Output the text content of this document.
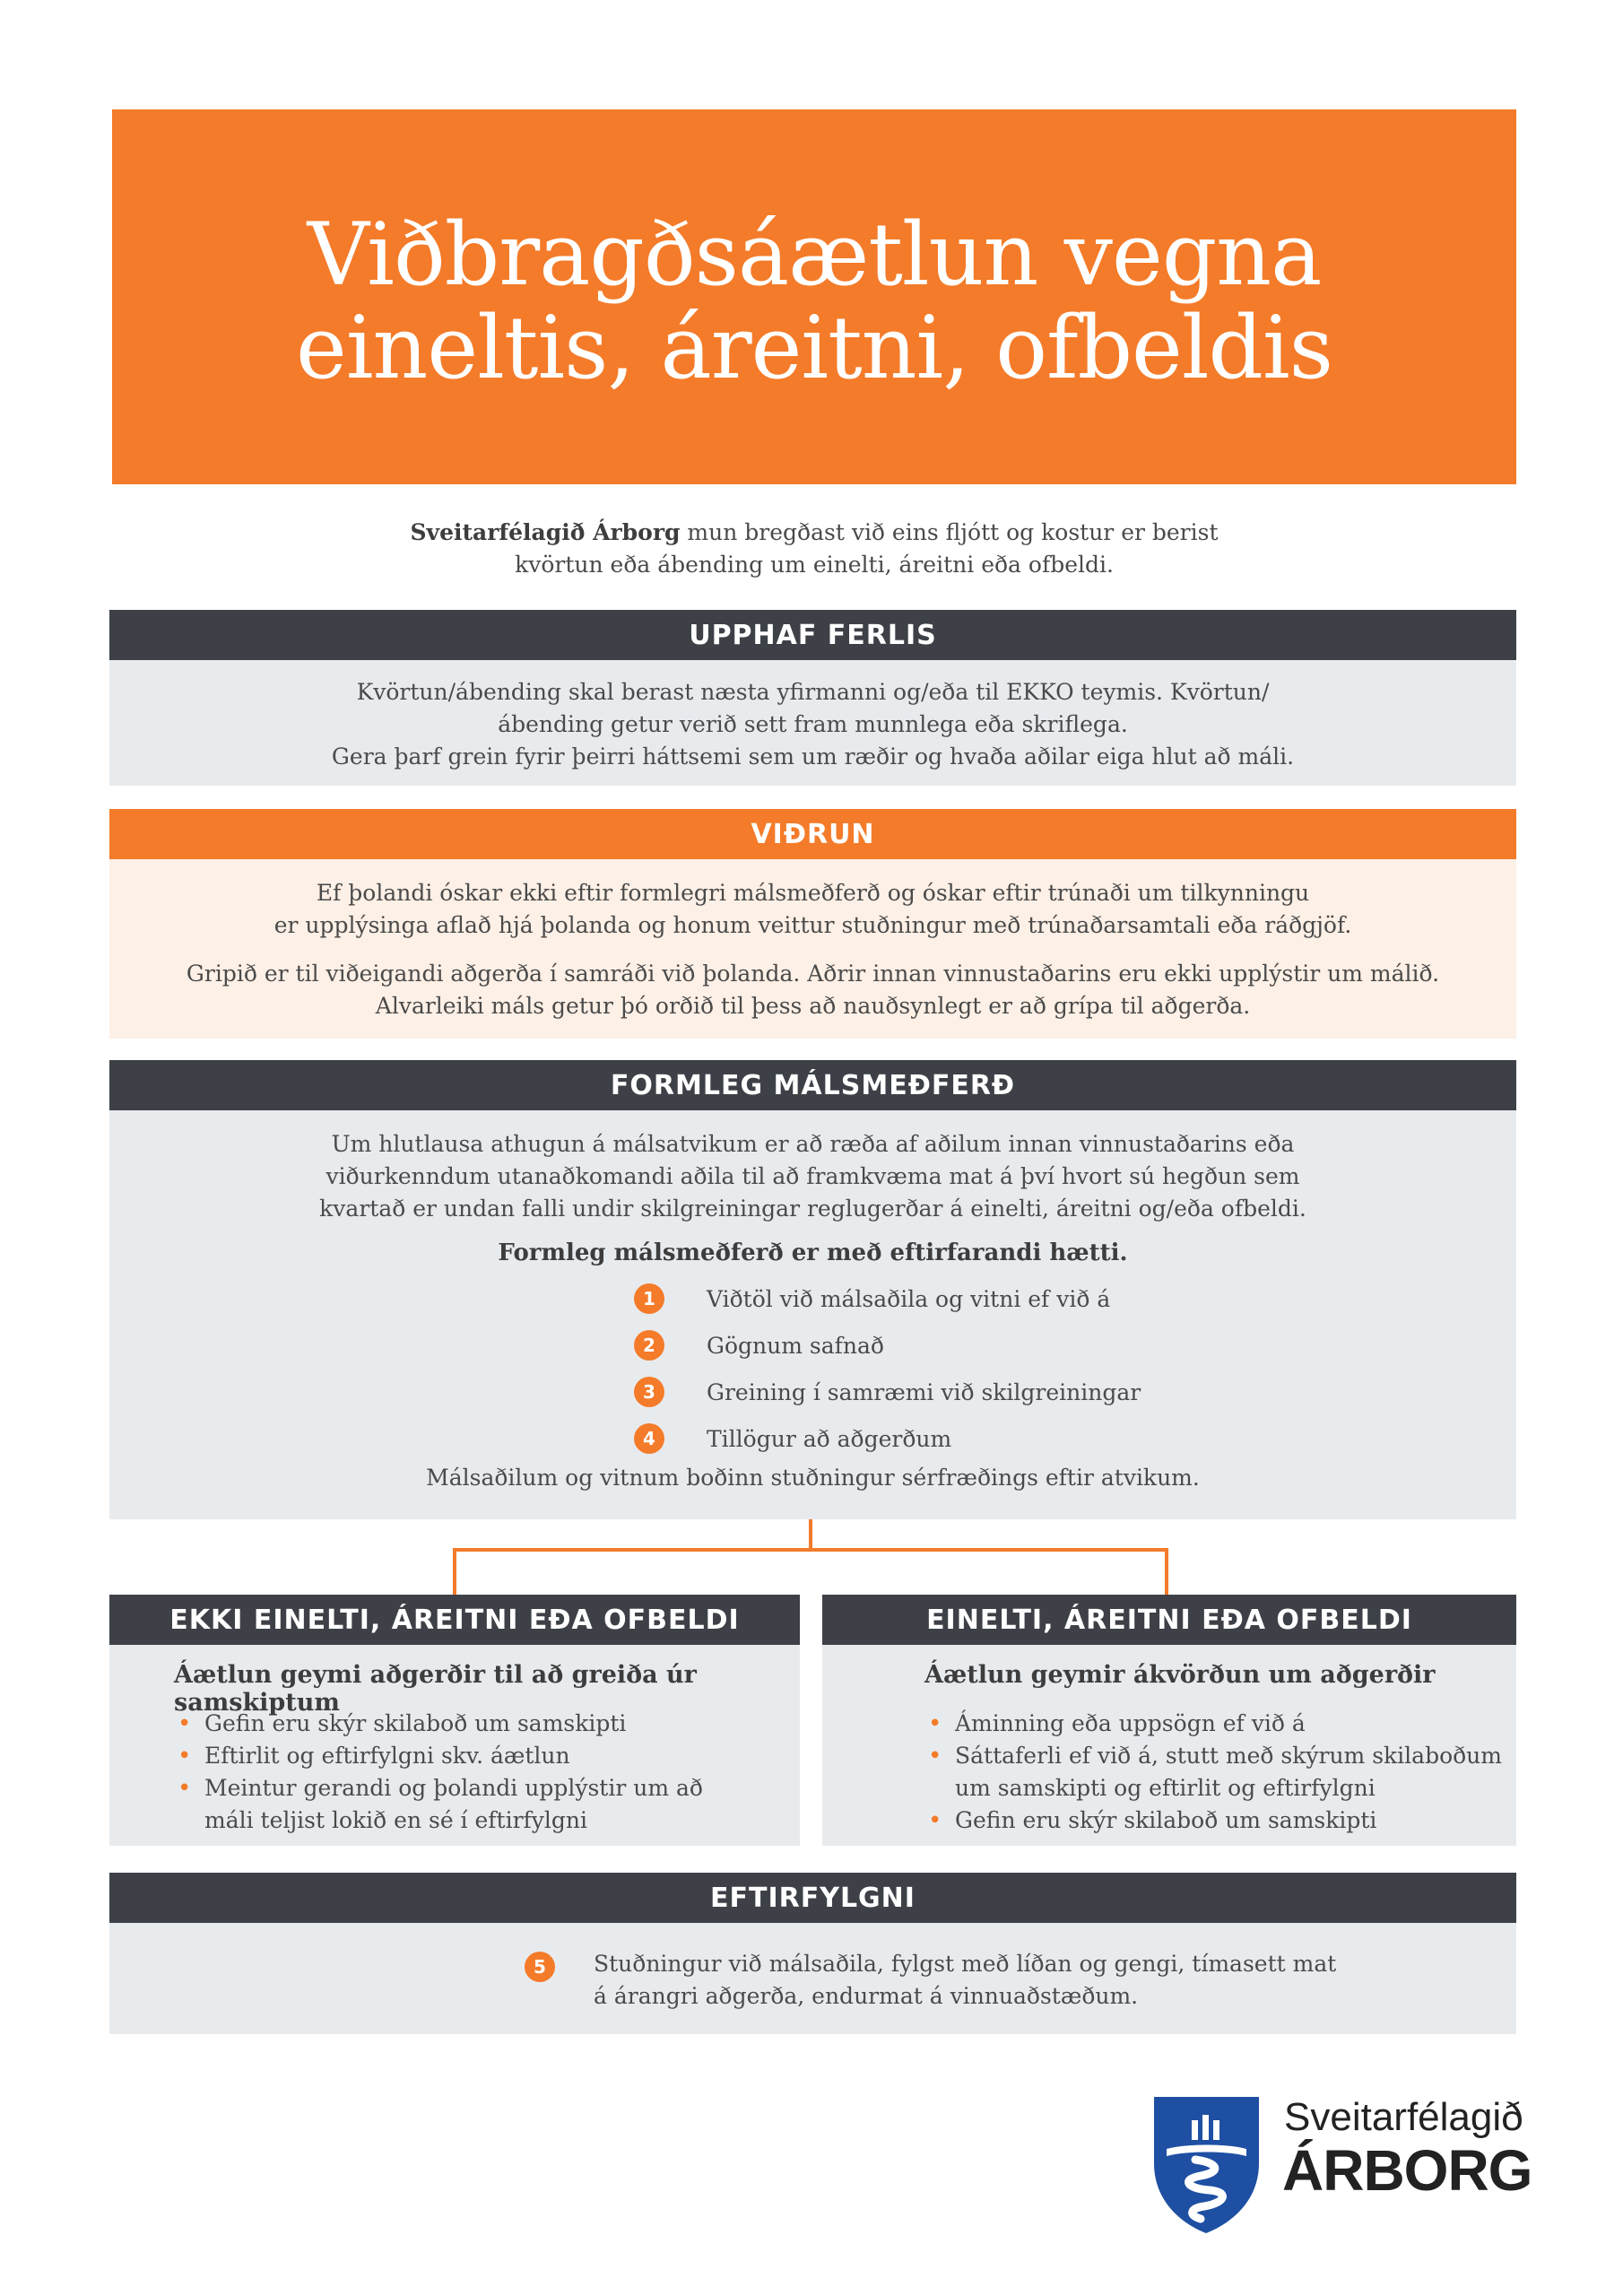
Viðbragðsáætlun vegna
eineltis, áreitni, ofbeldis
Sveitarfélagið Árborg mun bregðast við eins fljótt og kostur er berist
kvörtun eða ábending um einelti, áreitni eða ofbeldi.
UPPHAF FERLIS

Kvörtun/ábending skal berast næsta yfirmanni og/eða til EKKO teymis. Kvörtun/

ábending getur verið sett fram munnlega eða skriflega.

Gera þarf grein fyrir þeirri háttsemi sem um ræðir og hvaða aðilar eiga hlut að máli.

VIÐRUN

Ef þolandi óskar ekki eftir formlegri málsmeðferð og óskar eftir trúnaði um tilkynningu

er upplýsinga aflað hjá þolanda og honum veittur stuðningur með trúnaðarsamtali eða ráðgjöf.

Gripið er til viðeigandi aðgerða í samráði við þolanda. Aðrir innan vinnustaðarins eru ekki upplýstir um málið.

Alvarleiki máls getur þó orðið til þess að nauðsynlegt er að grípa til aðgerða.

FORMLEG MÁLSMEÐFERÐ

Um hlutlausa athugun á málsatvikum er að ræða af aðilum innan vinnustaðarins eða

viðurkenndum utanaðkomandi aðila til að framkvæma mat á því hvort sú hegðun sem

kvartað er undan falli undir skilgreiningar reglugerðar á einelti, áreitni og/eða ofbeldi.

Formleg málsmeðferð er með eftirfarandi hætti.
1	Viðtöl við málsaðila og vitni ef við á
2	Gögnum safnað
3	Greining í samræmi við skilgreiningar
4	Tillögur að aðgerðum
Málsaðilum og vitnum boðinn stuðningur sérfræðings eftir atvikum.
EKKI EINELTI, ÁREITNI EÐA OFBELDI
Áætlun geymi aðgerðir til að greiða úr samskiptum
• Gefin eru skýr skilaboð um samskipti
• Eftirlit og eftirfylgni skv. áætlun
• Meintur gerandi og þolandi upplýstir um að
máli teljist lokið en sé í eftirfylgni
EINELTI, ÁREITNI EÐA OFBELDI
Áætlun geymir ákvörðun um aðgerðir
• Áminning eða uppsögn ef við á
• Sáttaferli ef við á, stutt með skýrum skilaboðum
um samskipti og eftirlit og eftirfylgni
• Gefin eru skýr skilaboð um samskipti
EFTIRFYLGNI
5	Stuðningur við málsaðila, fylgst með líðan og gengi, tímasett mat
á árangri aðgerða, endurmat á vinnuaðstæðum.
Sveitarfélagið
ÁRBORG
